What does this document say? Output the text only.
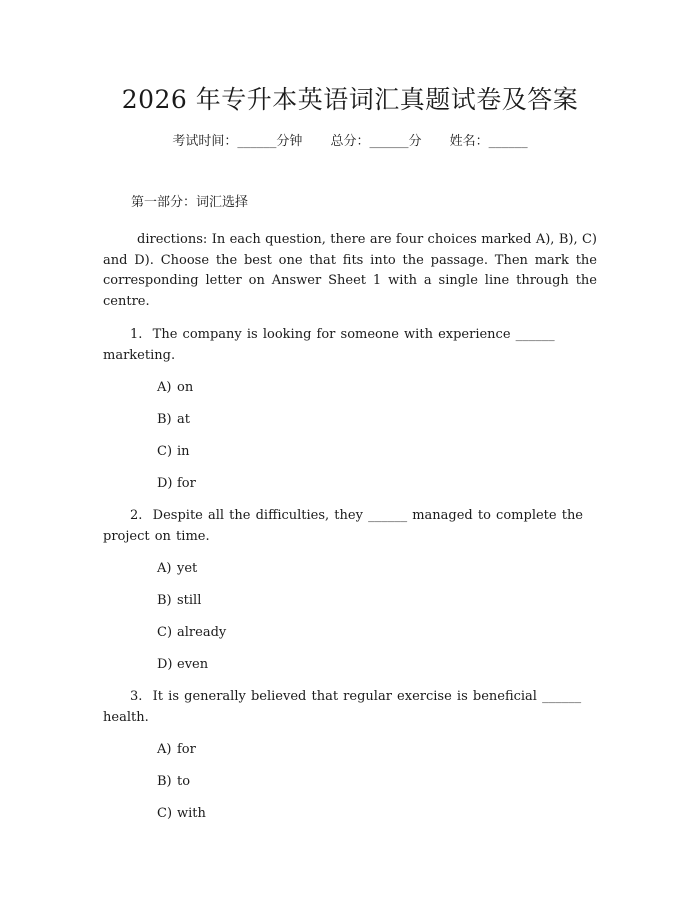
2026 年专升本英语词汇真题试卷及答案
考试时间：______分钟 总分：______分 姓名：______
第一部分：词汇选择

directions: In each question, there are four choices marked A), B), C) and D). Choose the best one that fits into the passage. Then mark the corresponding letter on Answer Sheet 1 with a single line through the centre.

1. The company is looking for someone with experience ______ marketing.
A) on
B) at
C) in
D) for
2. Despite all the difficulties, they ______ managed to complete the project on time.
A) yet
B) still
C) already
D) even
3. It is generally believed that regular exercise is beneficial ______ health.
A) for
B) to
C) with
